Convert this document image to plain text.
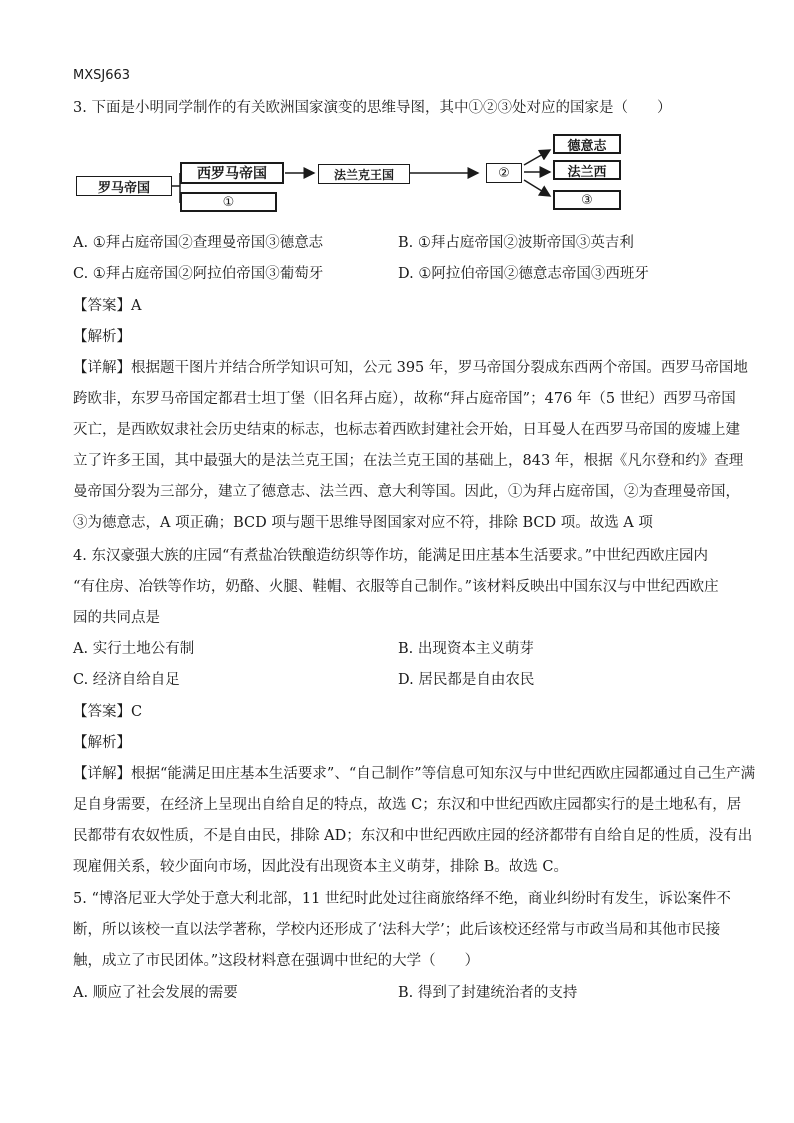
MXSJ663
3. 下面是小明同学制作的有关欧洲国家演变的思维导图，其中①②③处对应的国家是（　　）
罗马帝国
西罗马帝国
①
法兰克王国	②
德意志
法兰西
③
A. ①拜占庭帝国②查理曼帝国③德意志	B. ①拜占庭帝国②波斯帝国③英吉利
C. ①拜占庭帝国②阿拉伯帝国③葡萄牙	D. ①阿拉伯帝国②德意志帝国③西班牙
【答案】A
【解析】
【详解】根据题干图片并结合所学知识可知，公元 395 年，罗马帝国分裂成东西两个帝国。西罗马帝国地
跨欧非，东罗马帝国定都君士坦丁堡（旧名拜占庭），故称“拜占庭帝国”；476 年（5 世纪）西罗马帝国
灭亡，是西欧奴隶社会历史结束的标志，也标志着西欧封建社会开始，日耳曼人在西罗马帝国的废墟上建
立了许多王国，其中最强大的是法兰克王国；在法兰克王国的基础上，843 年，根据《凡尔登和约》查理
曼帝国分裂为三部分，建立了德意志、法兰西、意大利等国。因此，①为拜占庭帝国，②为查理曼帝国，
③为德意志，A 项正确；BCD 项与题干思维导图国家对应不符，排除 BCD 项。故选 A 项
4. 东汉豪强大族的庄园“有煮盐冶铁酿造纺织等作坊，能满足田庄基本生活要求。”中世纪西欧庄园内
“有住房、冶铁等作坊，奶酪、火腿、鞋帽、衣服等自己制作。”该材料反映出中国东汉与中世纪西欧庄
园的共同点是
A. 实行土地公有制	B. 出现资本主义萌芽
C. 经济自给自足	D. 居民都是自由农民
【答案】C
【解析】
【详解】根据“能满足田庄基本生活要求”、“自己制作”等信息可知东汉与中世纪西欧庄园都通过自己生产满
足自身需要，在经济上呈现出自给自足的特点，故选 C；东汉和中世纪西欧庄园都实行的是土地私有，居
民都带有农奴性质，不是自由民，排除 AD；东汉和中世纪西欧庄园的经济都带有自给自足的性质，没有出
现雇佣关系，较少面向市场，因此没有出现资本主义萌芽，排除 B。故选 C。
5. “博洛尼亚大学处于意大利北部，11 世纪时此处过往商旅络绎不绝，商业纠纷时有发生，诉讼案件不
断，所以该校一直以法学著称，学校内还形成了‘法科大学’；此后该校还经常与市政当局和其他市民接
触，成立了市民团体。”这段材料意在强调中世纪的大学（　　）
A. 顺应了社会发展的需要	B. 得到了封建统治者的支持
